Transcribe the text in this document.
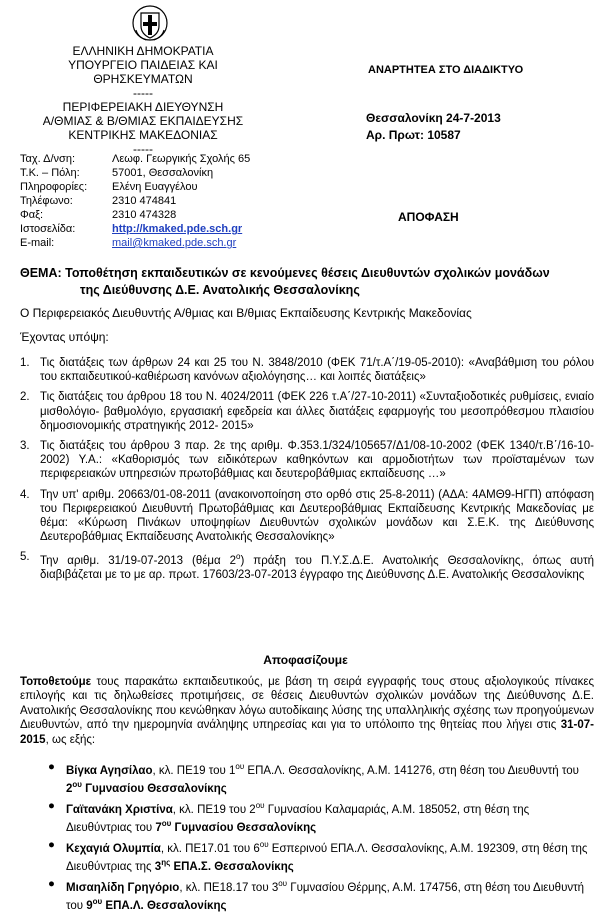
ΕΛΛΗΝΙΚΗ ΔΗΜΟΚΡΑΤΙΑ
ΥΠΟΥΡΓΕΙΟ ΠΑΙΔΕΙΑΣ ΚΑΙ ΘΡΗΣΚΕΥΜΑΤΩΝ
-----
ΠΕΡΙΦΕΡΕΙΑΚΗ ΔΙΕΥΘΥΝΣΗ
Α/ΘΜΙΑΣ & Β/ΘΜΙΑΣ ΕΚΠΑΙΔΕΥΣΗΣ
ΚΕΝΤΡΙΚΗΣ ΜΑΚΕΔΟΝΙΑΣ
-----
ΑΝΑΡΤΗΤΕΑ ΣΤΟ ΔΙΑΔΙΚΤΥΟ
Θεσσαλονίκη 24-7-2013
Αρ. Πρωτ: 10587
ΑΠΟΦΑΣΗ
Ταχ. Δ/νση:	Λεωφ. Γεωργικής Σχολής 65
Τ.Κ. – Πόλη:	57001, Θεσσαλονίκη
Πληροφορίες:	Ελένη Ευαγγέλου
Τηλέφωνο:	2310 474841
Φαξ:	2310 474328
Ιστοσελίδα:	http://kmaked.pde.sch.gr
E-mail:	mail@kmaked.pde.sch.gr
ΘΕΜΑ: Τοποθέτηση εκπαιδευτικών σε κενούμενες θέσεις Διευθυντών σχολικών μονάδων
της Διεύθυνσης Δ.Ε. Ανατολικής Θεσσαλονίκης
Ο Περιφερειακός Διευθυντής Α/θμιας και Β/θμιας Εκπαίδευσης Κεντρικής Μακεδονίας
Έχοντας υπόψη:
1. Τις διατάξεις των άρθρων 24 και 25 του Ν. 3848/2010 (ΦΕΚ 71/τ.Α΄/19-05-2010): «Αναβάθμιση του ρόλου του εκπαιδευτικού-καθιέρωση κανόνων αξιολόγησης… και λοιπές διατάξεις»
2. Τις διατάξεις του άρθρου 18 του Ν. 4024/2011 (ΦΕΚ 226 τ.Α΄/27-10-2011) «Συνταξιοδοτικές ρυθμίσεις, ενιαίο μισθολόγιο- βαθμολόγιο, εργασιακή εφεδρεία και άλλες διατάξεις εφαρμογής του μεσοπρόθεσμου πλαισίου δημοσιονομικής στρατηγικής 2012- 2015»
3. Τις διατάξεις του άρθρου 3 παρ. 2ε της αριθμ. Φ.353.1/324/105657/Δ1/08-10-2002 (ΦΕΚ 1340/τ.Β΄/16-10-2002) Υ.Α.: «Καθορισμός των ειδικότερων καθηκόντων και αρμοδιοτήτων των προϊσταμένων των περιφερειακών υπηρεσιών πρωτοβάθμιας και δευτεροβάθμιας εκπαίδευσης …»
4. Την υπ' αριθμ. 20663/01-08-2011 (ανακοινοποίηση στο ορθό στις 25-8-2011) (ΑΔΑ: 4ΑΜΘ9-ΗΓΠ) απόφαση του Περιφερειακού Διευθυντή Πρωτοβάθμιας και Δευτεροβάθμιας Εκπαίδευσης Κεντρικής Μακεδονίας με θέμα: «Κύρωση Πινάκων υποψηφίων Διευθυντών σχολικών μονάδων και Σ.Ε.Κ. της Διεύθυνσης Δευτεροβάθμιας Εκπαίδευσης Ανατολικής Θεσσαλονίκης»
5. Την αριθμ. 31/19-07-2013 (θέμα $2^o$) πράξη του Π.Υ.Σ.Δ.Ε. Ανατολικής Θεσσαλονίκης, όπως αυτή διαβιβάζεται με το με αρ. πρωτ. 17603/23-07-2013 έγγραφο της Διεύθυνσης Δ.Ε. Ανατολικής Θεσσαλονίκης
Αποφασίζουμε
Τοποθετούμε τους παρακάτω εκπαιδευτικούς, με βάση τη σειρά εγγραφής τους στους αξιολογικούς πίνακες επιλογής και τις δηλωθείσες προτιμήσεις, σε θέσεις Διευθυντών σχολικών μονάδων της Διεύθυνσης Δ.Ε. Ανατολικής Θεσσαλονίκης που κενώθηκαν λόγω αυτοδίκαιης λύσης της υπαλληλικής σχέσης των προηγούμενων Διευθυντών, από την ημερομηνία ανάληψης υπηρεσίας και για το υπόλοιπο της θητείας που λήγει στις 31-07-2015, ως εξής:
● Βίγκα Αγησίλαο, κλ. ΠΕ19 του $1^{o\upsilon}$ ΕΠΑ.Λ. Θεσσαλονίκης, Α.Μ. 141276, στη θέση του Διευθυντή του $2^{o\upsilon}$ Γυμνασίου Θεσσαλονίκης
● Γαϊτανάκη Χριστίνα, κλ. ΠΕ19 του $2^{o\upsilon}$ Γυμνασίου Καλαμαριάς, Α.Μ. 185052, στη θέση της Διευθύντριας του $7^{o\upsilon}$ Γυμνασίου Θεσσαλονίκης
● Κεχαγιά Ολυμπία, κλ. ΠΕ17.01 του $6^{o\upsilon}$ Εσπερινού ΕΠΑ.Λ. Θεσσαλονίκης, Α.Μ. 192309, στη θέση της Διευθύντριας της $3^{\eta\varsigma}$ ΕΠΑ.Σ. Θεσσαλονίκης
● Μισαηλίδη Γρηγόριο, κλ. ΠΕ18.17 του $3^{o\upsilon}$ Γυμνασίου Θέρμης, Α.Μ. 174756, στη θέση του Διευθυντή του $9^{o\upsilon}$ ΕΠΑ.Λ. Θεσσαλονίκης
